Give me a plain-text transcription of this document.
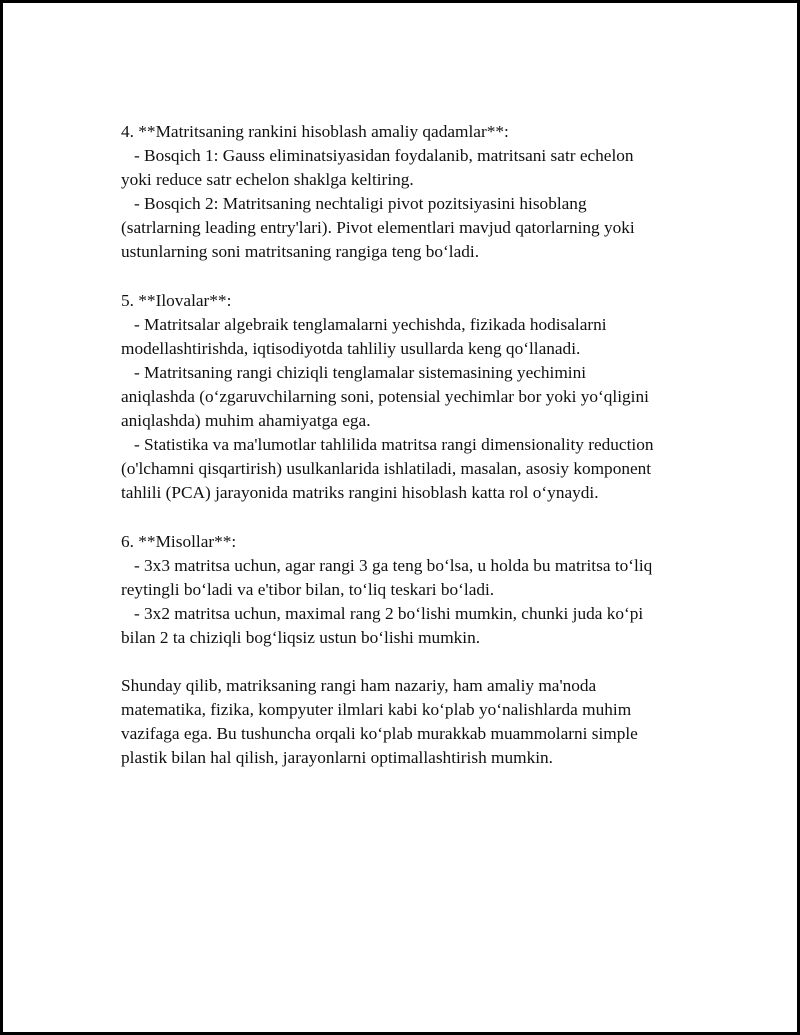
4. **Matritsaning rankini hisoblash amaliy qadamlar**:
- Bosqich 1: Gauss eliminatsiyasidan foydalanib, matritsani satr echelon
yoki reduce satr echelon shaklga keltiring.
- Bosqich 2: Matritsaning nechtaligi pivot pozitsiyasini hisoblang
(satrlarning leading entry'lari). Pivot elementlari mavjud qatorlarning yoki
ustunlarning soni matritsaning rangiga teng boʻladi.
5. **Ilovalar**:
- Matritsalar algebraik tenglamalarni yechishda, fizikada hodisalarni
modellashtirishda, iqtisodiyotda tahliliy usullarda keng qoʻllanadi.
- Matritsaning rangi chiziqli tenglamalar sistemasining yechimini
aniqlashda (oʻzgaruvchilarning soni, potensial yechimlar bor yoki yoʻqligini
aniqlashda) muhim ahamiyatga ega.
- Statistika va ma'lumotlar tahlilida matritsa rangi dimensionality reduction
(o'lchamni qisqartirish) usulkanlarida ishlatiladi, masalan, asosiy komponent
tahlili (PCA) jarayonida matriks rangini hisoblash katta rol oʻynaydi.
6. **Misollar**:
- 3x3 matritsa uchun, agar rangi 3 ga teng boʻlsa, u holda bu matritsa toʻliq
reytingli boʻladi va e'tibor bilan, toʻliq teskari boʻladi.
- 3x2 matritsa uchun, maximal rang 2 boʻlishi mumkin, chunki juda koʻpi
bilan 2 ta chiziqli bogʻliqsiz ustun boʻlishi mumkin.
Shunday qilib, matriksaning rangi ham nazariy, ham amaliy ma'noda
matematika, fizika, kompyuter ilmlari kabi koʻplab yoʻnalishlarda muhim
vazifaga ega. Bu tushuncha orqali koʻplab murakkab muammolarni simple
plastik bilan hal qilish, jarayonlarni optimallashtirish mumkin.
